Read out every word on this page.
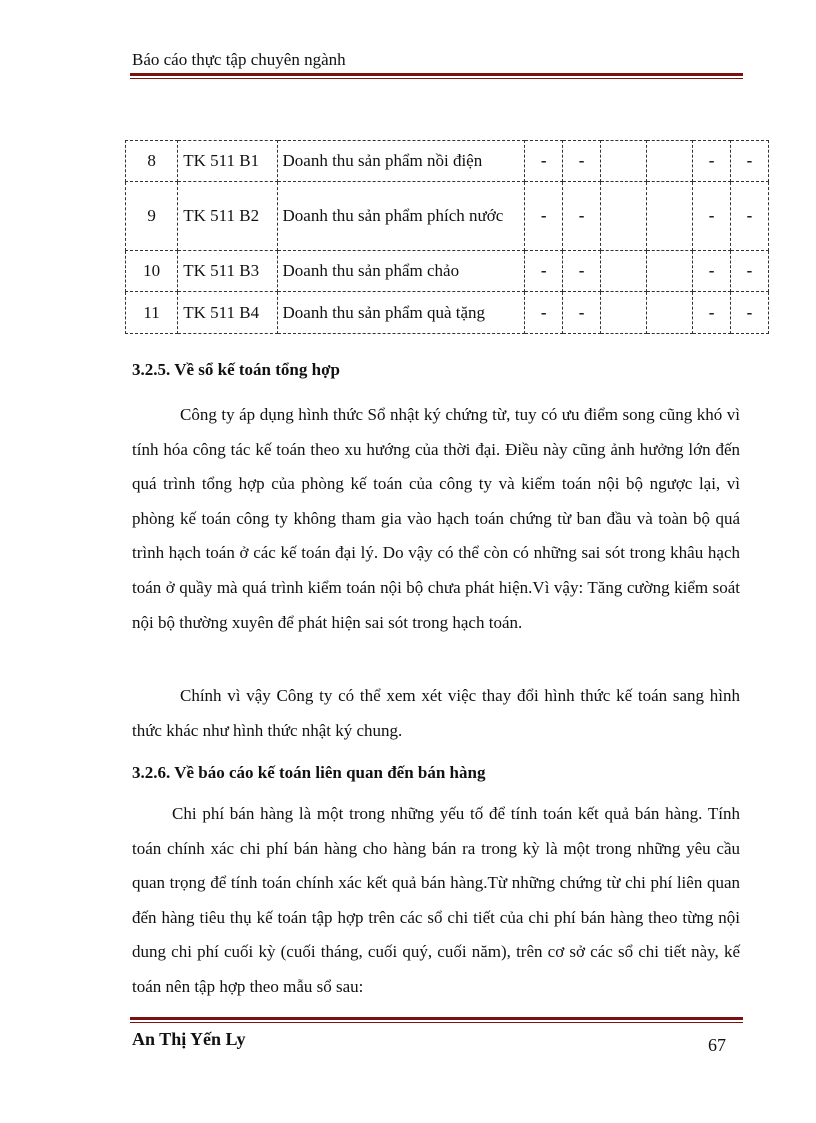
Báo cáo thực tập chuyên ngành
8	TK 511 B1	Doanh thu sản phẩm nồi điện	-	-			-	-
9	TK 511 B2	Doanh thu sản phẩm phích nước	-	-			-	-
10	TK 511 B3	Doanh thu sản phẩm chảo	-	-			-	-
11	TK 511 B4	Doanh thu sản phẩm quà tặng	-	-			-	-
3.2.5. Về sổ kế toán tổng hợp

Công ty áp dụng hình thức Sổ nhật ký chứng từ, tuy có ưu điểm song cũng khó vì tính hóa công tác kế toán theo xu hướng của thời đại. Điều này cũng ảnh hưởng lớn đến quá trình tổng hợp của phòng kế toán của công ty và kiểm toán nội bộ ngược lại, vì phòng kế toán công ty không tham gia vào hạch toán chứng từ ban đầu và toàn bộ quá trình hạch toán ở các kế toán đại lý. Do vậy có thể còn có những sai sót trong khâu hạch toán ở quầy mà quá trình kiểm toán nội bộ chưa phát hiện.Vì vậy: Tăng cường kiểm soát nội bộ thường xuyên để phát hiện sai sót trong hạch toán.

Chính vì vậy Công ty có thể xem xét việc thay đổi hình thức kế toán sang hình thức khác như hình thức nhật ký chung.

3.2.6. Về báo cáo kế toán liên quan đến bán hàng

Chi phí bán hàng là một trong những yếu tố để tính toán kết quả bán hàng. Tính toán chính xác chi phí bán hàng cho hàng bán ra trong kỳ là một trong những yêu cầu quan trọng để tính toán chính xác kết quả bán hàng.Từ những chứng từ chi phí liên quan đến hàng tiêu thụ kế toán tập hợp trên các sổ chi tiết của chi phí bán hàng theo từng nội dung chi phí cuối kỳ (cuối tháng, cuối quý, cuối năm), trên cơ sở các sổ chi tiết này, kế toán nên tập hợp theo mẫu sổ sau:

An Thị Yến Ly	67
